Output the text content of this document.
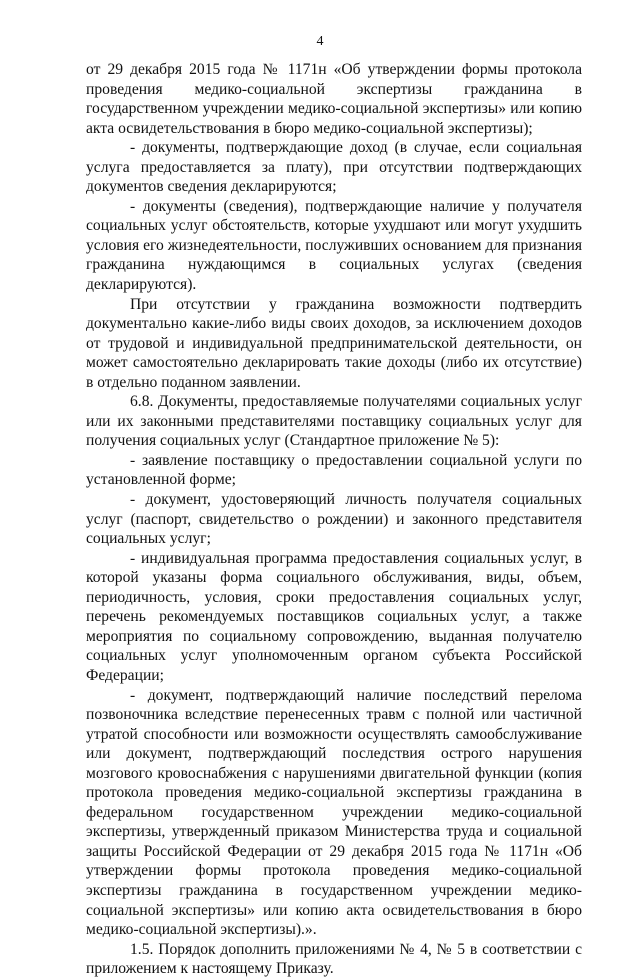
4

от 29 декабря 2015 года № 1171н «Об утверждении формы протокола проведения медико-социальной экспертизы гражданина в государственном учреждении медико-социальной экспертизы» или копию акта освидетельствования в бюро медико-социальной экспертизы);

- документы, подтверждающие доход (в случае, если социальная услуга предоставляется за плату), при отсутствии подтверждающих документов сведения декларируются;

- документы (сведения), подтверждающие наличие у получателя социальных услуг обстоятельств, которые ухудшают или могут ухудшить условия его жизнедеятельности, послуживших основанием для признания гражданина нуждающимся в социальных услугах (сведения декларируются).

При отсутствии у гражданина возможности подтвердить документально какие-либо виды своих доходов, за исключением доходов от трудовой и индивидуальной предпринимательской деятельности, он может самостоятельно декларировать такие доходы (либо их отсутствие) в отдельно поданном заявлении.

6.8. Документы, предоставляемые получателями социальных услуг или их законными представителями поставщику социальных услуг для получения социальных услуг (Стандартное приложение № 5):

- заявление поставщику о предоставлении социальной услуги по установленной форме;

- документ, удостоверяющий личность получателя социальных услуг (паспорт, свидетельство о рождении) и законного представителя социальных услуг;

- индивидуальная программа предоставления социальных услуг, в которой указаны форма социального обслуживания, виды, объем, периодичность, условия, сроки предоставления социальных услуг, перечень рекомендуемых поставщиков социальных услуг, а также мероприятия по социальному сопровождению, выданная получателю социальных услуг уполномоченным органом субъекта Российской Федерации;

- документ, подтверждающий наличие последствий перелома позвоночника вследствие перенесенных травм с полной или частичной утратой способности или возможности осуществлять самообслуживание или документ, подтверждающий последствия острого нарушения мозгового кровоснабжения с нарушениями двигательной функции (копия протокола проведения медико-социальной экспертизы гражданина в федеральном государственном учреждении медико-социальной экспертизы, утвержденный приказом Министерства труда и социальной защиты Российской Федерации от 29 декабря 2015 года № 1171н «Об утверждении формы протокола проведения медико-социальной экспертизы гражданина в государственном учреждении медико-социальной экспертизы» или копию акта освидетельствования в бюро медико-социальной экспертизы).».

1.5. Порядок дополнить приложениями № 4, № 5 в соответствии с приложением к настоящему Приказу.
